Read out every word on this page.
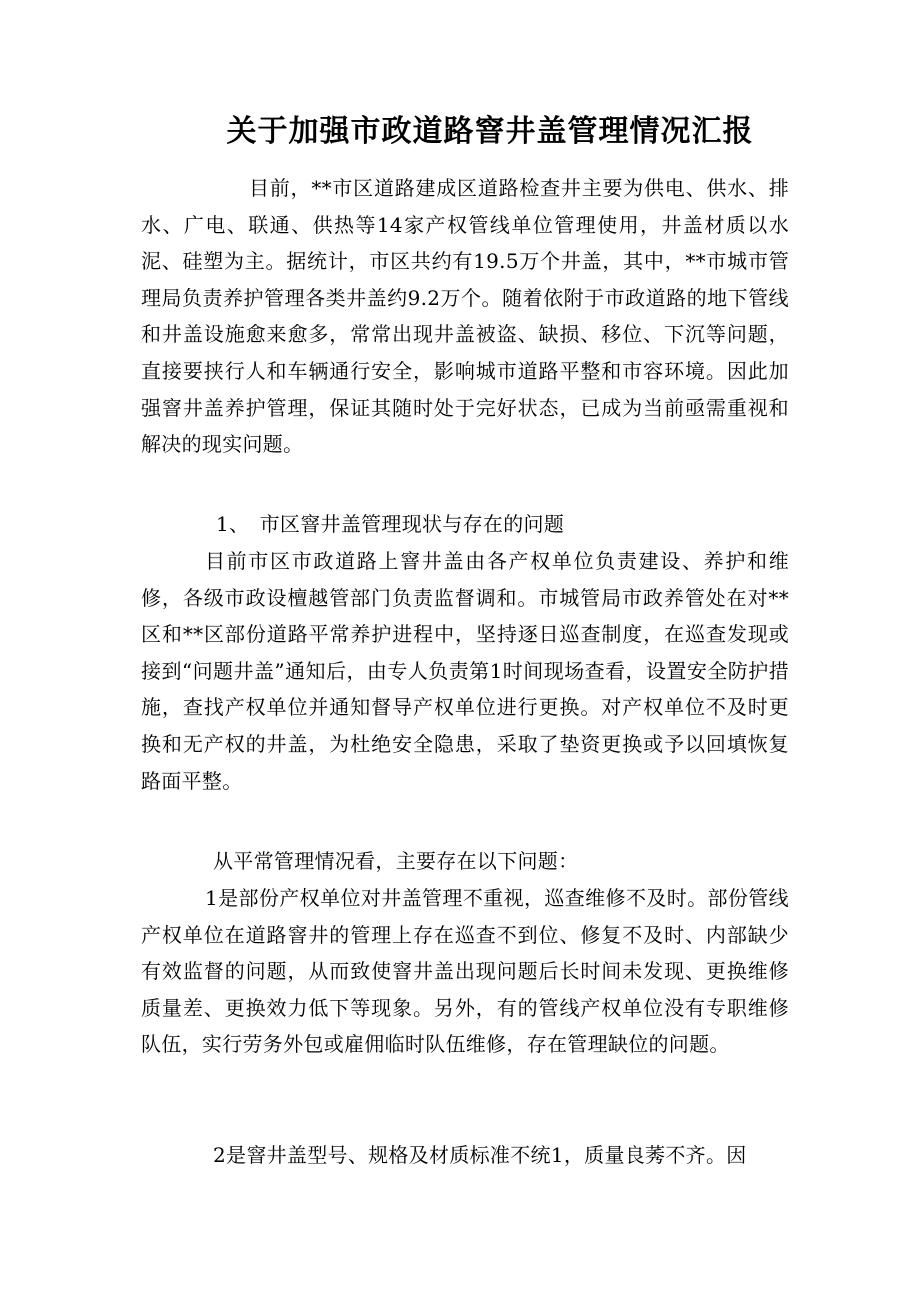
关于加强市政道路窨井盖管理情况汇报

目前，**市区道路建成区道路检查井主要为供电、供水、排水、广电、联通、供热等14家产权管线单位管理使用，井盖材质以水泥、硅塑为主。据统计，市区共约有19.5万个井盖，其中，**市城市管理局负责养护管理各类井盖约9.2万个。随着依附于市政道路的地下管线和井盖设施愈来愈多，常常出现井盖被盗、缺损、移位、下沉等问题，直接要挟行人和车辆通行安全，影响城市道路平整和市容环境。因此加强窨井盖养护管理，保证其随时处于完好状态，已成为当前亟需重视和解决的现实问题。

1、　市区窨井盖管理现状与存在的问题

目前市区市政道路上窨井盖由各产权单位负责建设、养护和维修，各级市政设檀越管部门负责监督调和。市城管局市政养管处在对**区和**区部份道路平常养护进程中，坚持逐日巡查制度，在巡查发现或接到“问题井盖”通知后，由专人负责第1时间现场查看，设置安全防护措施，查找产权单位并通知督导产权单位进行更换。对产权单位不及时更换和无产权的井盖，为杜绝安全隐患，采取了垫资更换或予以回填恢复路面平整。

从平常管理情况看，主要存在以下问题：

1是部份产权单位对井盖管理不重视，巡查维修不及时。部份管线产权单位在道路窨井的管理上存在巡查不到位、修复不及时、内部缺少有效监督的问题，从而致使窨井盖出现问题后长时间未发现、更换维修质量差、更换效力低下等现象。另外，有的管线产权单位没有专职维修队伍，实行劳务外包或雇佣临时队伍维修，存在管理缺位的问题。

2是窨井盖型号、规格及材质标准不统1，质量良莠不齐。因
